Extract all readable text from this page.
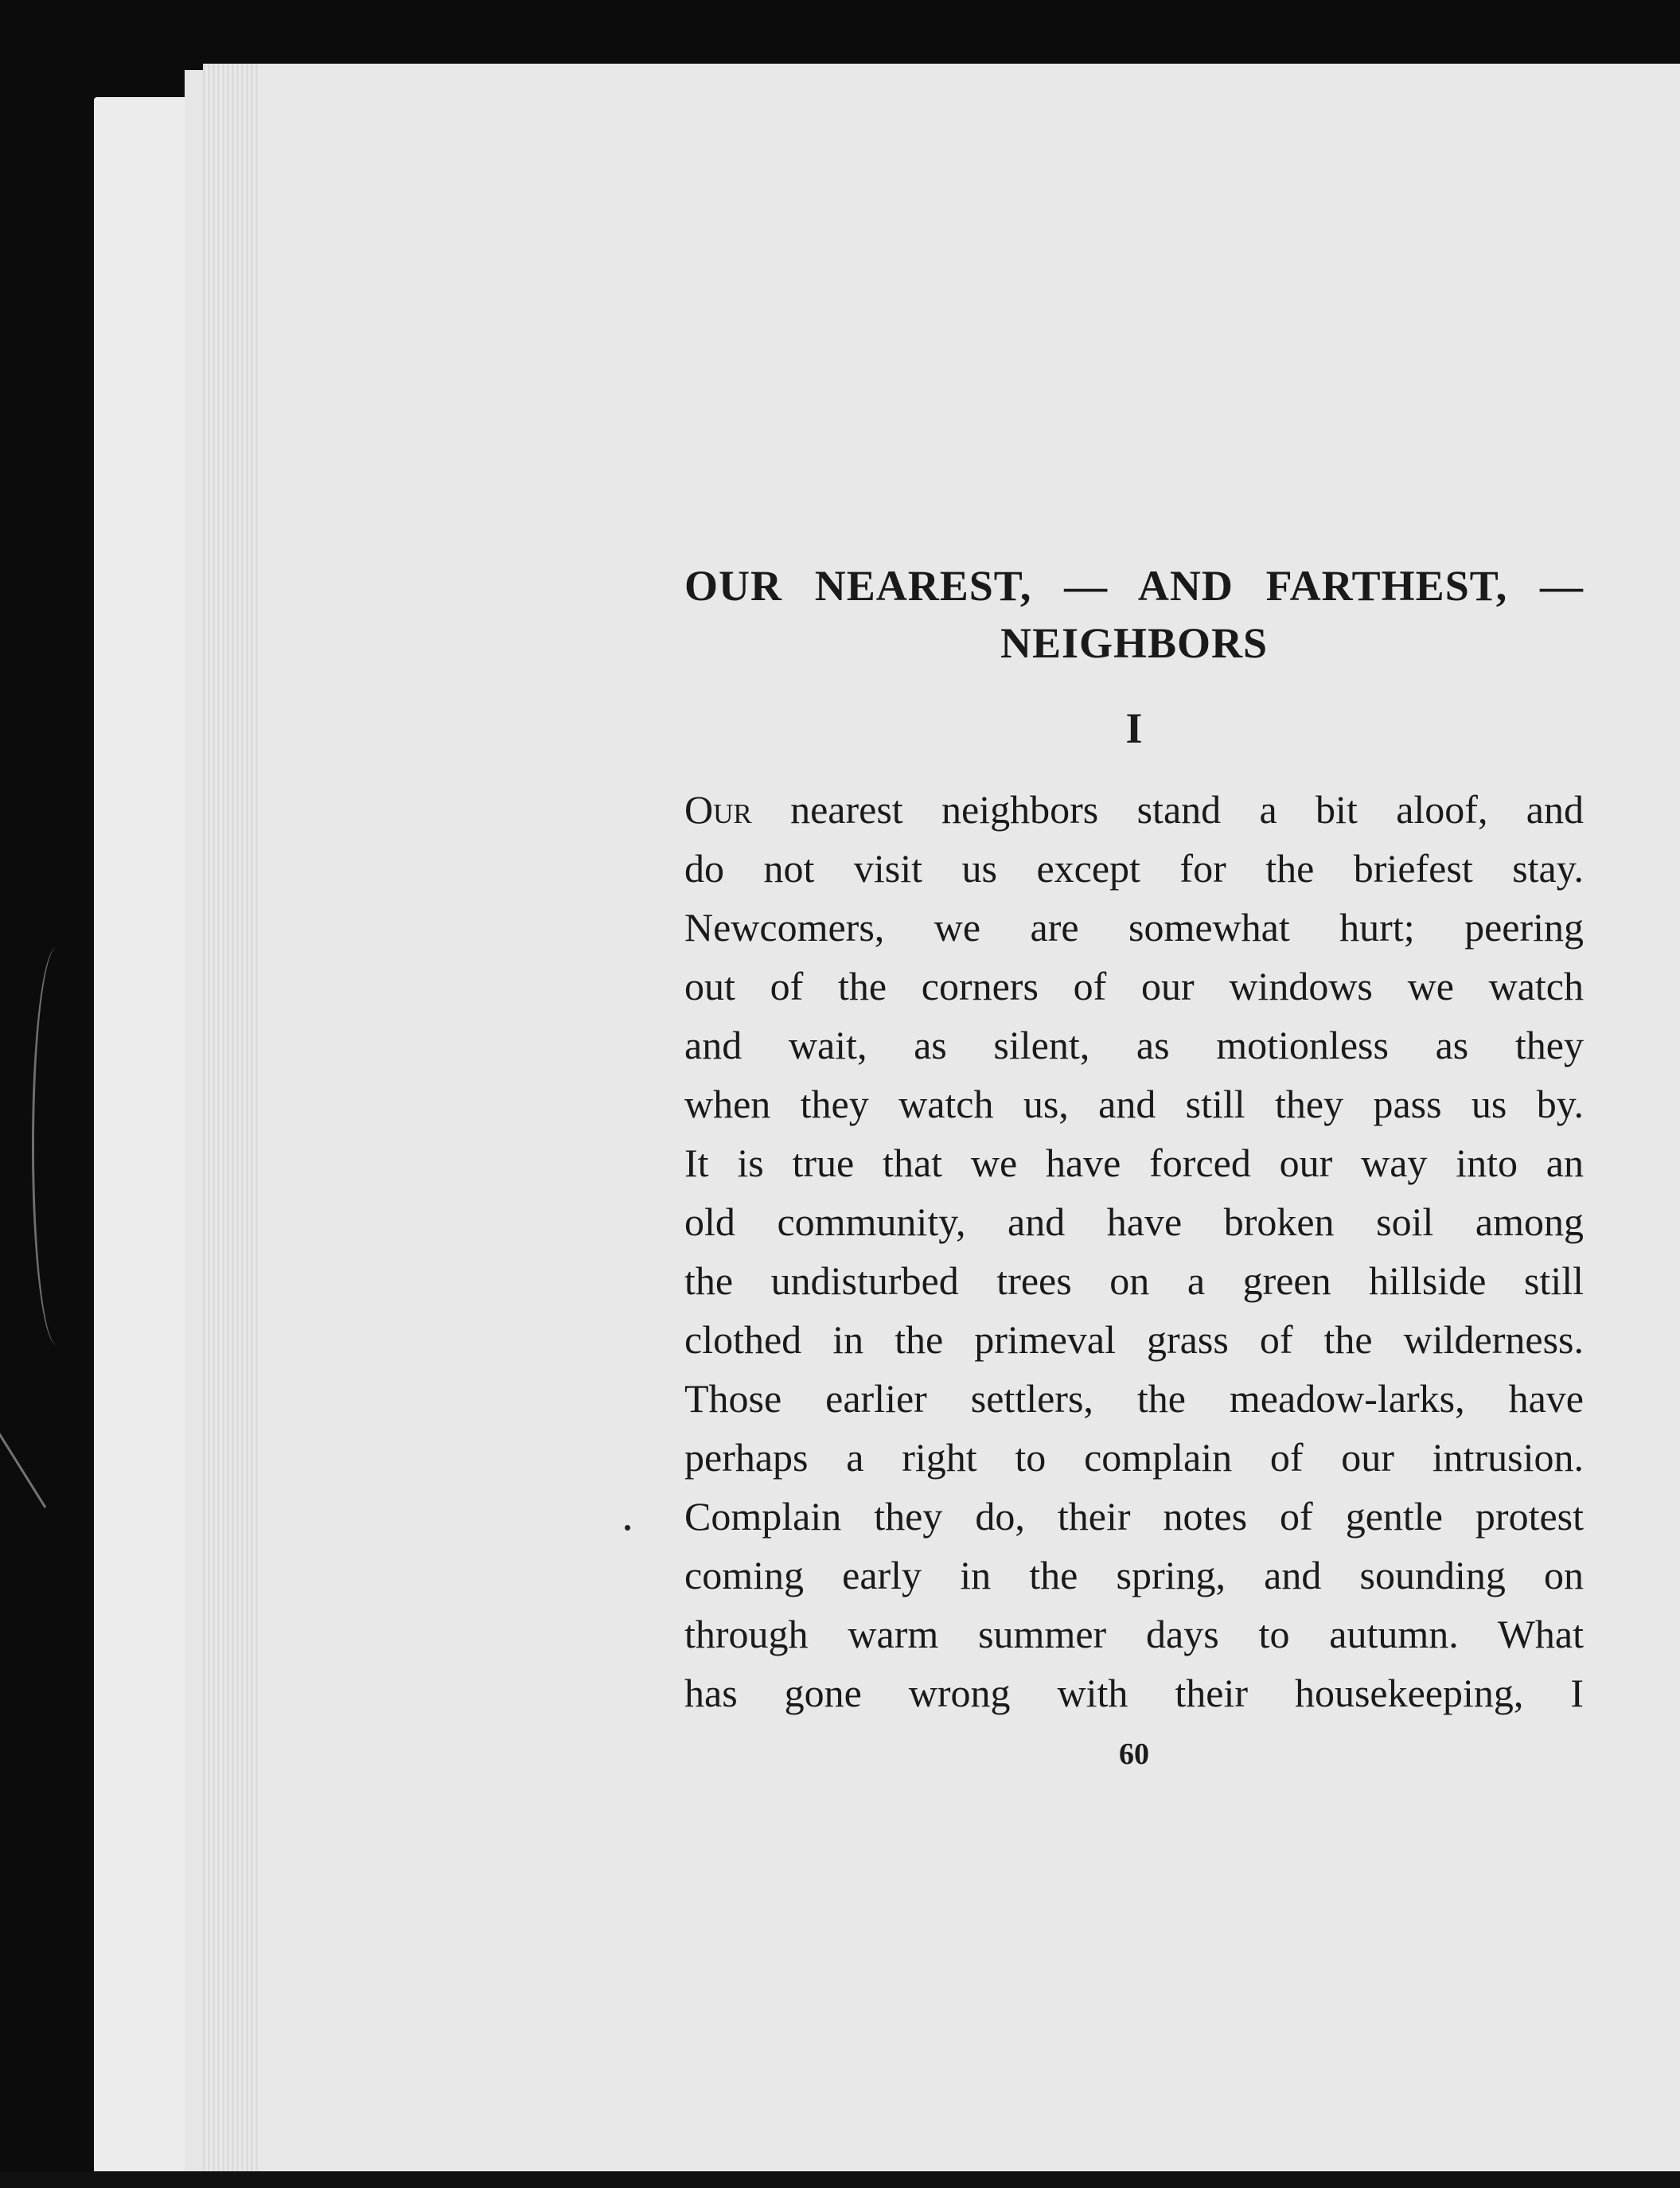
OUR NEAREST, — AND FARTHEST, —
NEIGHBORS
I
Our nearest neighbors stand a bit aloof, and
do not visit us except for the briefest stay.
Newcomers, we are somewhat hurt; peering
out of the corners of our windows we watch
and wait, as silent, as motionless as they
when they watch us, and still they pass us by.
It is true that we have forced our way into an
old community, and have broken soil among
the undisturbed trees on a green hillside still
clothed in the primeval grass of the wilderness.
Those earlier settlers, the meadow-larks, have
perhaps a right to complain of our intrusion.
Complain they do, their notes of gentle protest
coming early in the spring, and sounding on
through warm summer days to autumn. What
has gone wrong with their housekeeping, I
60
